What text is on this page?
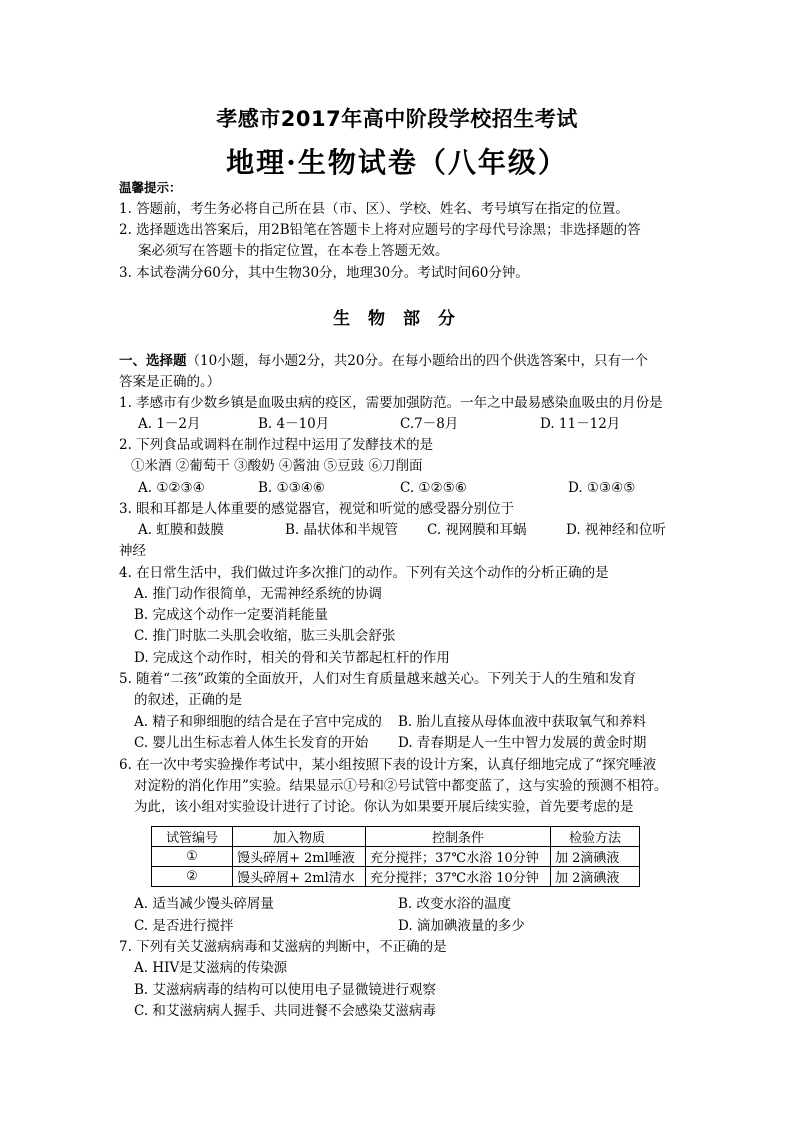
孝感市2017年高中阶段学校招生考试
地理·生物试卷（八年级）
温馨提示：
1. 答题前，考生务必将自己所在县（市、区）、学校、姓名、考号填写在指定的位置。
2. 选择题选出答案后，用2B铅笔在答题卡上将对应题号的字母代号涂黑；非选择题的答
案必须写在答题卡的指定位置，在本卷上答题无效。
3. 本试卷满分60分，其中生物30分，地理30分。考试时间60分钟。
生 物 部 分
一、选择题（10小题，每小题2分，共20分。在每小题给出的四个供选答案中，只有一个
答案是正确的。）
1. 孝感市有少数乡镇是血吸虫病的疫区，需要加强防范。一年之中最易感染血吸虫的月份是
A. 1－2月	B. 4－10月	C.7－8月	D. 11－12月
2. 下列食品或调料在制作过程中运用了发酵技术的是
①米酒 ②葡萄干 ③酸奶 ④酱油 ⑤豆豉 ⑥刀削面
A. ①②③④	B. ①③④⑥	C. ①②⑤⑥	D. ①③④⑤
3. 眼和耳都是人体重要的感觉器官，视觉和听觉的感受器分别位于
A. 虹膜和鼓膜	B. 晶状体和半规管 C. 视网膜和耳蜗	D. 视神经和位听
神经
4. 在日常生活中，我们做过许多次推门的动作。下列有关这个动作的分析正确的是
A. 推门动作很简单，无需神经系统的协调
B. 完成这个动作一定要消耗能量
C. 推门时肱二头肌会收缩，肱三头肌会舒张
D. 完成这个动作时，相关的骨和关节都起杠杆的作用
5. 随着“二孩”政策的全面放开，人们对生育质量越来越关心。下列关于人的生殖和发育
的叙述，正确的是
A. 精子和卵细胞的结合是在子宫中完成的 B. 胎儿直接从母体血液中获取氧气和养料
C. 婴儿出生标志着人体生长发育的开始 D. 青春期是人一生中智力发展的黄金时期
6. 在一次中考实验操作考试中，某小组按照下表的设计方案，认真仔细地完成了“探究唾液
对淀粉的消化作用”实验。结果显示①号和②号试管中都变蓝了，这与实验的预测不相符。
为此，该小组对实验设计进行了讨论。你认为如果要开展后续实验，首先要考虑的是
试管编号	加入物质	控制条件	检验方法
①	馒头碎屑+ 2ml唾液	充分搅拌；37℃水浴 10分钟	加 2滴碘液
②	馒头碎屑+ 2ml清水	充分搅拌；37℃水浴 10分钟	加 2滴碘液
A. 适当减少馒头碎屑量	B. 改变水浴的温度
C. 是否进行搅拌	D. 滴加碘液量的多少
7. 下列有关艾滋病病毒和艾滋病的判断中，不正确的是
A. HIV是艾滋病的传染源
B. 艾滋病病毒的结构可以使用电子显微镜进行观察
C. 和艾滋病病人握手、共同进餐不会感染艾滋病毒
